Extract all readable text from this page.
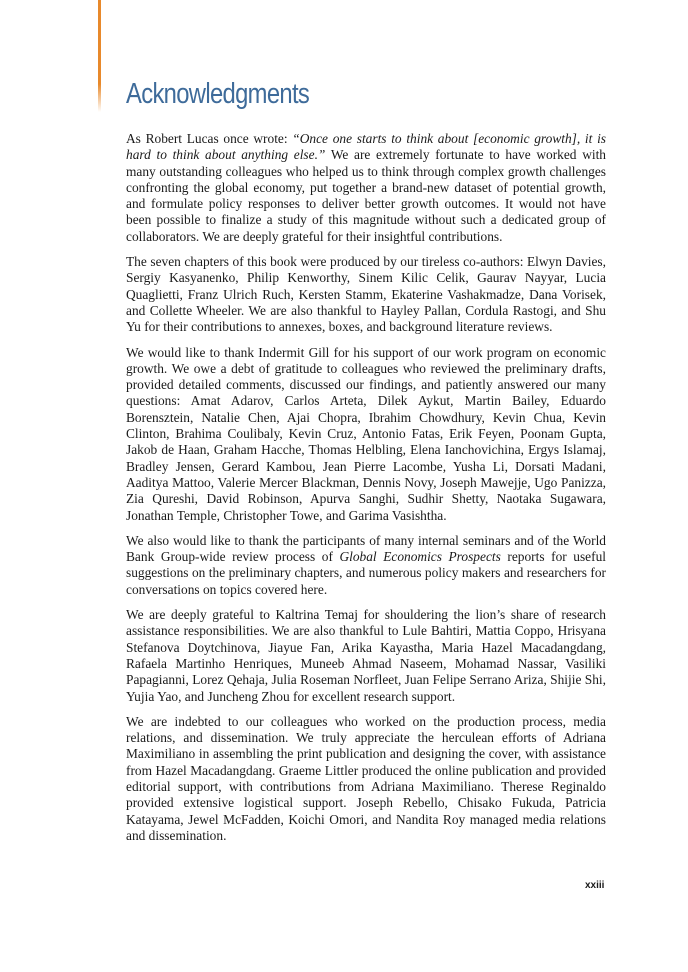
Acknowledgments

As Robert Lucas once wrote: “Once one starts to think about [economic growth], it is hard to think about anything else.” We are extremely fortunate to have worked with many outstanding colleagues who helped us to think through complex growth challenges confronting the global economy, put together a brand-new dataset of potential growth, and formulate policy responses to deliver better growth outcomes. It would not have been possible to finalize a study of this magnitude without such a dedicated group of collaborators. We are deeply grateful for their insightful contributions.

The seven chapters of this book were produced by our tireless co-authors: Elwyn Davies, Sergiy Kasyanenko, Philip Kenworthy, Sinem Kilic Celik, Gaurav Nayyar, Lucia Quaglietti, Franz Ulrich Ruch, Kersten Stamm, Ekaterine Vashakmadze, Dana Vorisek, and Collette Wheeler. We are also thankful to Hayley Pallan, Cordula Rastogi, and Shu Yu for their contributions to annexes, boxes, and background literature reviews.

We would like to thank Indermit Gill for his support of our work program on economic growth. We owe a debt of gratitude to colleagues who reviewed the preliminary drafts, provided detailed comments, discussed our findings, and patiently answered our many questions: Amat Adarov, Carlos Arteta, Dilek Aykut, Martin Bailey, Eduardo Borensztein, Natalie Chen, Ajai Chopra, Ibrahim Chowdhury, Kevin Chua, Kevin Clinton, Brahima Coulibaly, Kevin Cruz, Antonio Fatas, Erik Feyen, Poonam Gupta, Jakob de Haan, Graham Hacche, Thomas Helbling, Elena Ianchovichina, Ergys Islamaj, Bradley Jensen, Gerard Kambou, Jean Pierre Lacombe, Yusha Li, Dorsati Madani, Aaditya Mattoo, Valerie Mercer Blackman, Dennis Novy, Joseph Mawejje, Ugo Panizza, Zia Qureshi, David Robinson, Apurva Sanghi, Sudhir Shetty, Naotaka Sugawara, Jonathan Temple, Christopher Towe, and Garima Vasishtha.

We also would like to thank the participants of many internal seminars and of the World Bank Group-wide review process of Global Economics Prospects reports for useful suggestions on the preliminary chapters, and numerous policy makers and researchers for conversations on topics covered here.

We are deeply grateful to Kaltrina Temaj for shouldering the lion’s share of research assistance responsibilities. We are also thankful to Lule Bahtiri, Mattia Coppo, Hrisyana Stefanova Doytchinova, Jiayue Fan, Arika Kayastha, Maria Hazel Macadangdang, Rafaela Martinho Henriques, Muneeb Ahmad Naseem, Mohamad Nassar, Vasiliki Papagianni, Lorez Qehaja, Julia Roseman Norfleet, Juan Felipe Serrano Ariza, Shijie Shi, Yujia Yao, and Juncheng Zhou for excellent research support.

We are indebted to our colleagues who worked on the production process, media relations, and dissemination. We truly appreciate the herculean efforts of Adriana Maximiliano in assembling the print publication and designing the cover, with assistance from Hazel Macadangdang. Graeme Littler produced the online publication and provided editorial support, with contributions from Adriana Maximiliano. Therese Reginaldo provided extensive logistical support. Joseph Rebello, Chisako Fukuda, Patricia Katayama, Jewel McFadden, Koichi Omori, and Nandita Roy managed media relations and dissemination.

xxiii
